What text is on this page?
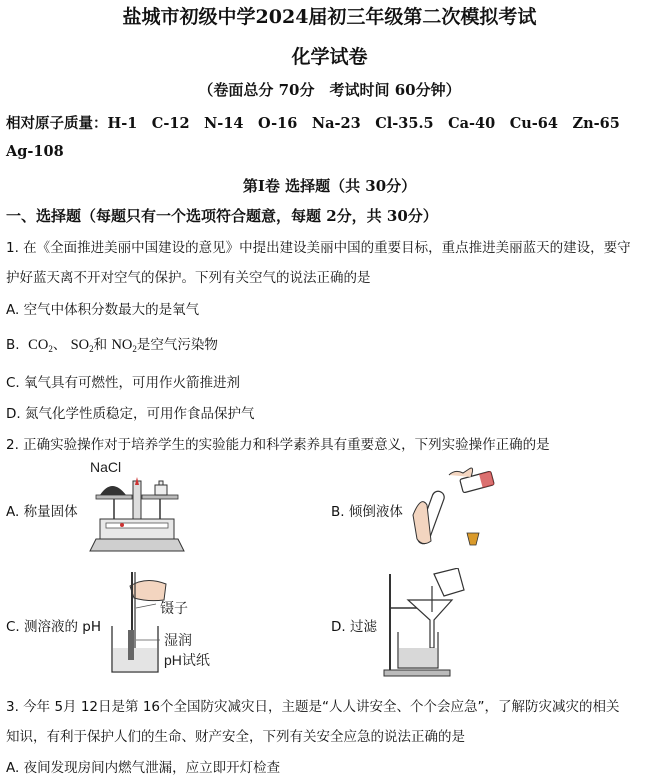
盐城市初级中学2024届初三年级第二次模拟考试
化学试卷
（卷面总分 70分　考试时间 60分钟）
相对原子质量：H-1　C-12　N-14　O-16　Na-23　Cl-35.5　Ca-40　Cu-64　Zn-65
Ag-108
第Ⅰ卷 选择题（共 30分）
一、选择题（每题只有一个选项符合题意，每题 2分，共 30分）
1. 在《全面推进美丽中国建设的意见》中提出建设美丽中国的重要目标，重点推进美丽蓝天的建设，要守
护好蓝天离不开对空气的保护。下列有关空气的说法正确的是
A. 空气中体积分数最大的是氧气
B. $CO_2$、 $SO_2$和 $NO_2$是空气污染物
C. 氧气具有可燃性，可用作火箭推进剂
D. 氮气化学性质稳定，可用作食品保护气
2. 正确实验操作对于培养学生的实验能力和科学素养具有重要意义，下列实验操作正确的是
A. 称量固体	B. 倾倒液体
C. 测溶液的 pH	D. 过滤
NaCl
镊子
湿润
pH试纸
3. 今年 5月 12日是第 16个全国防灾减灾日，主题是“人人讲安全、个个会应急”，了解防灾减灾的相关
知识，有利于保护人们的生命、财产安全，下列有关安全应急的说法正确的是
A. 夜间发现房间内燃气泄漏，应立即开灯检查
